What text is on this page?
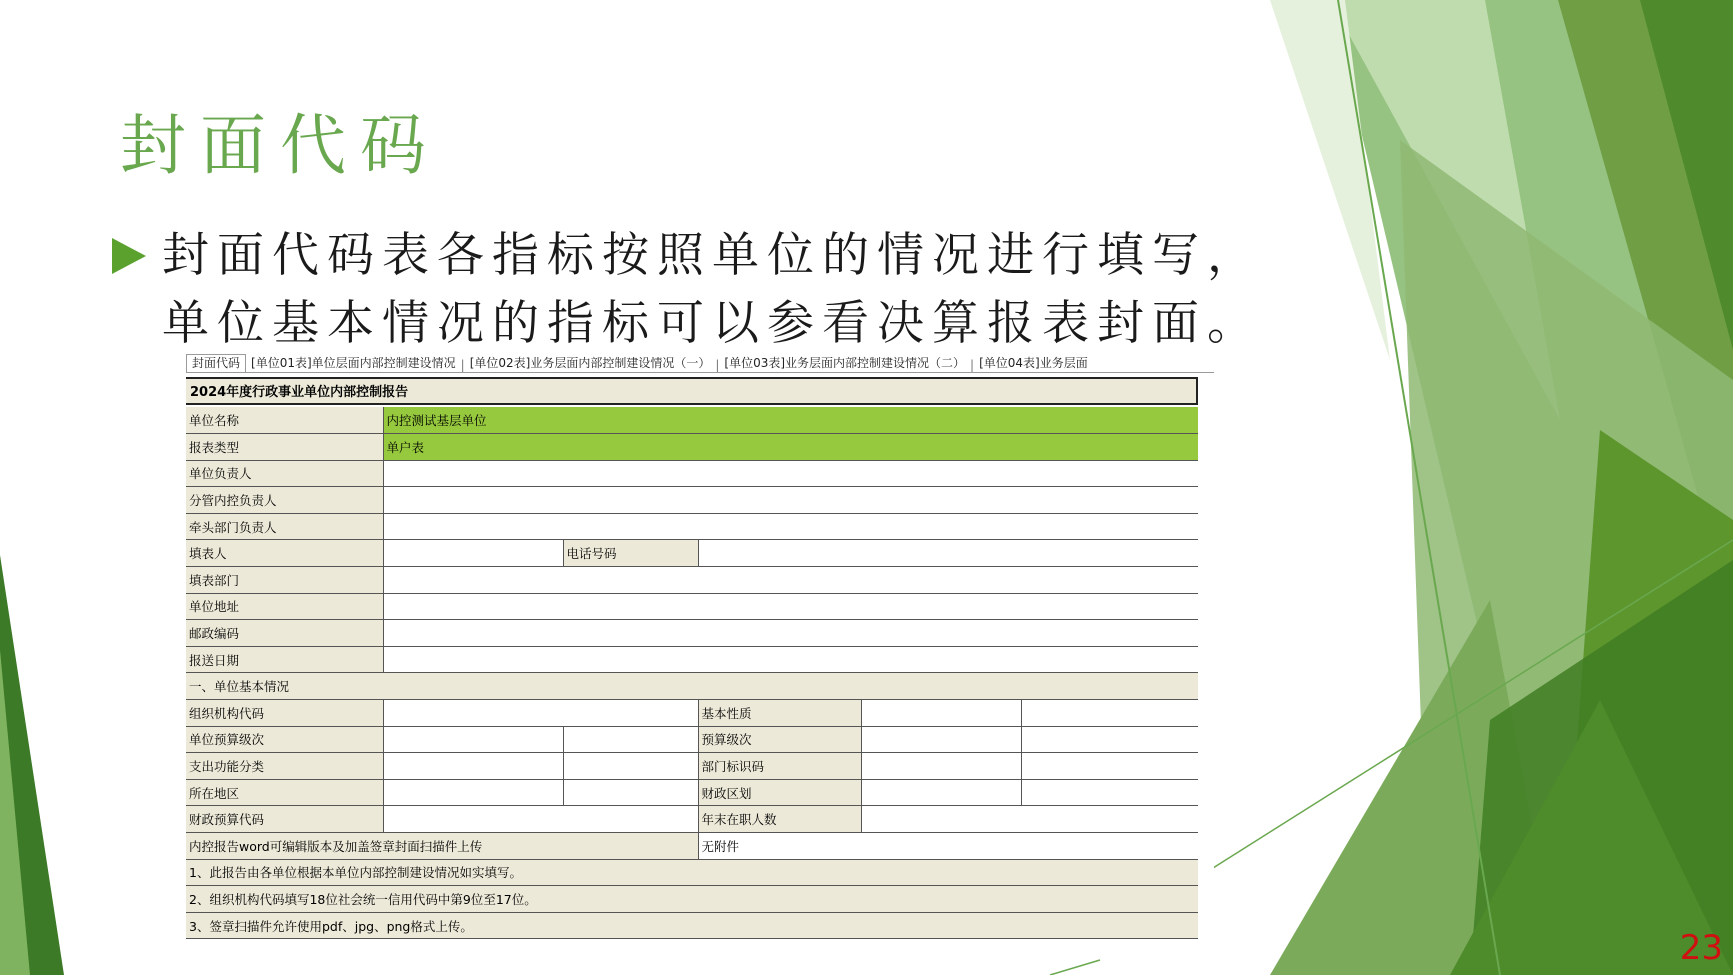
封面代码
封面代码表各指标按照单位的情况进行填写，单位基本情况的指标可以参看决算报表封面。
封面代码 [单位01表]单位层面内部控制建设情况 | [单位02表]业务层面内部控制建设情况（一） | [单位03表]业务层面内部控制建设情况（二） | [单位04表]业务层面
2024年度行政事业单位内部控制报告
单位名称	内控测试基层单位				
报表类型	单户表				
单位负责人					
分管内控负责人					
牵头部门负责人					
填表人		电话号码			
填表部门					
单位地址					
邮政编码					
报送日期					
一、单位基本情况					
组织机构代码			基本性质		
单位预算级次			预算级次		
支出功能分类			部门标识码		
所在地区			财政区划		
财政预算代码			年末在职人数		
内控报告word可编辑版本及加盖签章封面扫描件上传			无附件		
1、此报告由各单位根据本单位内部控制建设情况如实填写。					
2、组织机构代码填写18位社会统一信用代码中第9位至17位。					
3、签章扫描件允许使用pdf、jpg、png格式上传。					
23
